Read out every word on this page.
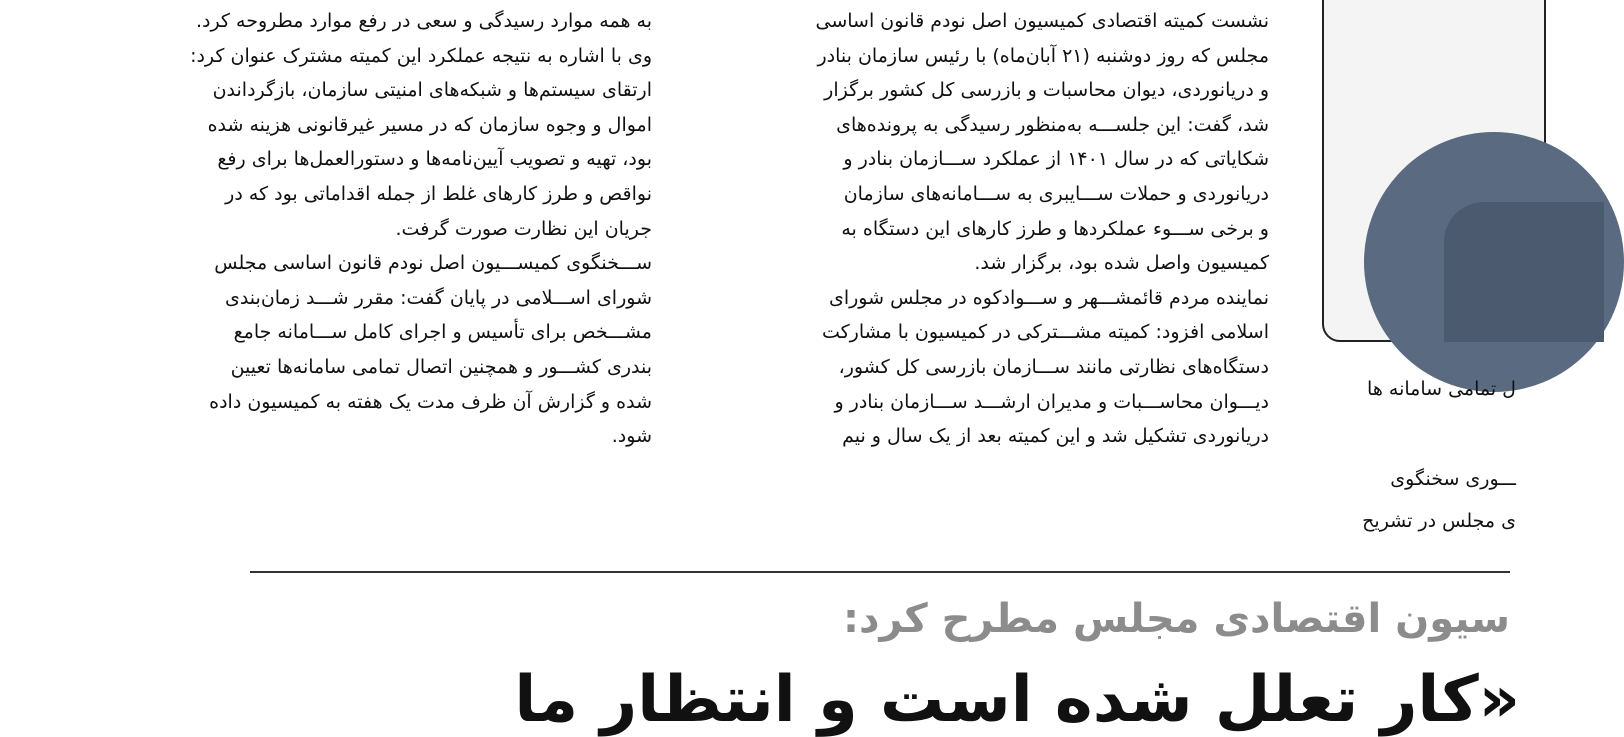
به همه موارد رسیدگی و سعی در رفع موارد مطروحه کرد.

وی با اشاره به نتیجه عملکرد این کمیته مشترک عنوان کرد:

ارتقای سیستم‌ها و شبکه‌های امنیتی سازمان، بازگرداندن

اموال و وجوه سازمان که در مسیر غیرقانونی هزینه شده

بود، تهیه و تصویب آیین‌نامه‌ها و دستورالعمل‌ها برای رفع

نواقص و طرز کارهای غلط از جمله اقداماتی بود که در

جریان این نظارت صورت گرفت.

ســـخنگوی کمیســـیون اصل نودم قانون اساسی مجلس

شورای اســـلامی در پایان گفت: مقرر شـــد زمان‌بندی

مشـــخص برای تأسیس و اجرای کامل ســـامانه جامع

بندری کشـــور و همچنین اتصال تمامی سامانه‌ها تعیین

شده و گزارش آن ظرف مدت یک هفته به کمیسیون داده

شود.

نشست کمیته اقتصادی کمیسیون اصل نودم قانون اساسی

مجلس که روز دوشنبه (۲۱ آبان‌ماه) با رئیس سازمان بنادر

و دریانوردی، دیوان محاسبات و بازرسی کل کشور برگزار

شد، گفت: این جلســـه به‌منظور رسیدگی به پرونده‌های

شکایاتی که در سال ۱۴۰۱ از عملکرد ســـازمان بنادر و

دریانوردی و حملات ســـایبری به ســـامانه‌های سازمان

و برخی ســـوء عملکردها و طرز کارهای این دستگاه به

کمیسیون واصل شده بود، برگزار شد.

نماینده مردم قائمشـــهر و ســـوادکوه در مجلس شورای

اسلامی افزود: کمیته مشـــترکی در کمیسیون با مشارکت

دستگاه‌های نظارتی مانند ســـازمان بازرسی کل کشور،

دیـــوان محاســـبات و مدیران ارشـــد ســـازمان بنادر و

دریانوردی تشکیل شد و این کمیته بعد از یک سال و نیم

ل تمامی سامانه ها
ـــوری سخنگوی
ی مجلس در تشریح
سیون اقتصادی مجلس مطرح کرد:
«کار تعلل شده است و انتظار ما
